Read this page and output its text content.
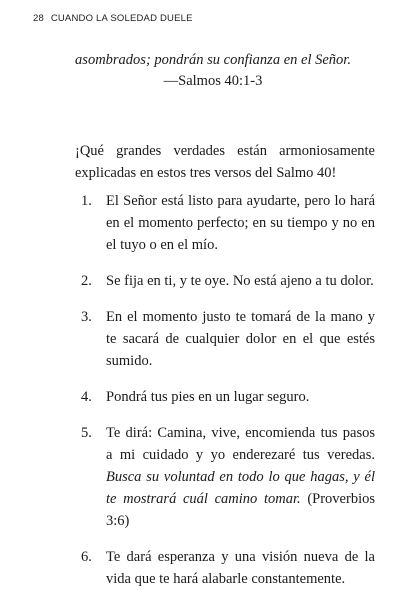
28 CUANDO LA SOLEDAD DUELE
asombrados; pondrán su confianza en el Señor.
—Salmos 40:1-3

¡Qué grandes verdades están armoniosamente explicadas en estos tres versos del Salmo 40!

1. El Señor está listo para ayudarte, pero lo hará en el momento perfecto; en su tiempo y no en el tuyo o en el mío.
2. Se fija en ti, y te oye. No está ajeno a tu dolor.
3. En el momento justo te tomará de la mano y te sacará de cualquier dolor en el que estés sumido.
4. Pondrá tus pies en un lugar seguro.
5. Te dirá: Camina, vive, encomienda tus pasos a mi cuidado y yo enderezaré tus veredas. Busca su voluntad en todo lo que hagas, y él te mostrará cuál camino tomar. (Proverbios 3:6)
6. Te dará esperanza y una visión nueva de la vida que te hará alabarle constantemente.
